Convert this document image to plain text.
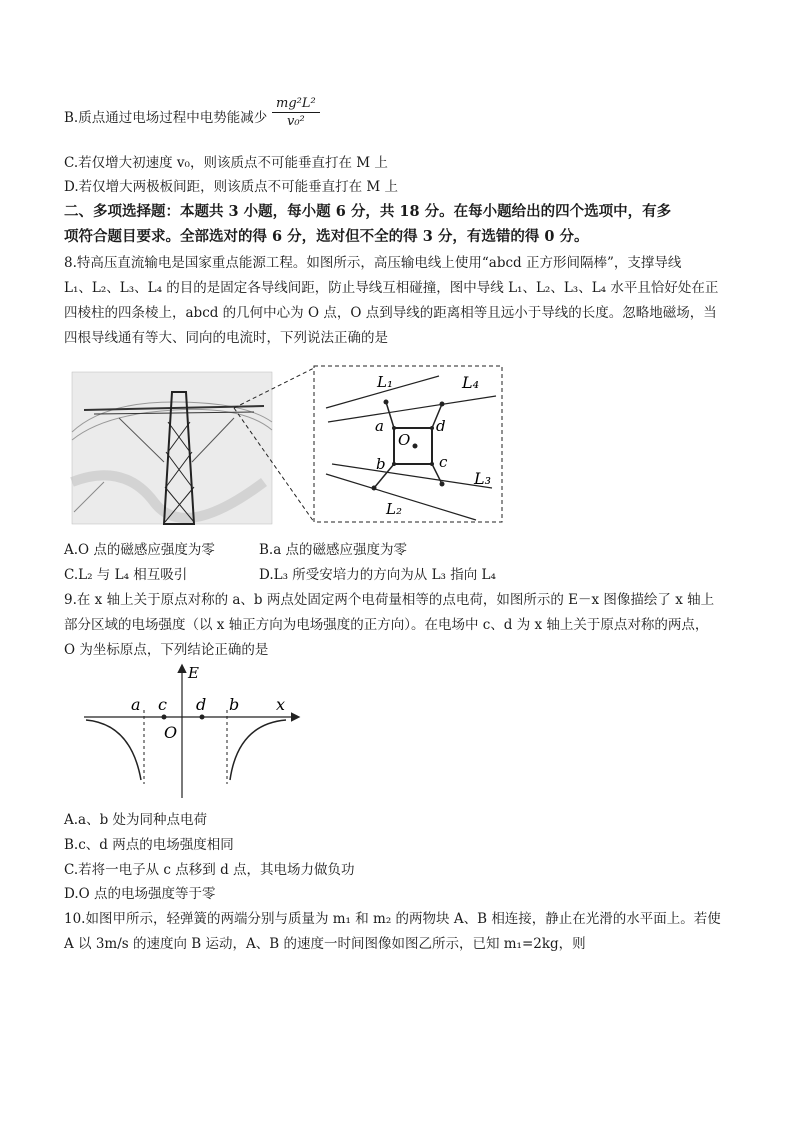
B.质点通过电场过程中电势能减少
mg²L²
v₀²
C.若仅增大初速度 v₀，则该质点不可能垂直打在 M 上
D.若仅增大两极板间距，则该质点不可能垂直打在 M 上
二、多项选择题：本题共 3 小题，每小题 6 分，共 18 分。在每小题给出的四个选项中，有多
项符合题目要求。全部选对的得 6 分，选对但不全的得 3 分，有选错的得 0 分。
8.特高压直流输电是国家重点能源工程。如图所示，高压输电线上使用“abcd 正方形间隔棒”，支撑导线
L₁、L₂、L₃、L₄ 的目的是固定各导线间距，防止导线互相碰撞，图中导线 L₁、L₂、L₃、L₄ 水平且恰好处在正
四棱柱的四条棱上，abcd 的几何中心为 O 点，O 点到导线的距离相等且远小于导线的长度。忽略地磁场，当
四根导线通有等大、同向的电流时，下列说法正确的是
L₁	L₄
L₃
L₂
a	d
b	c
O
A.O 点的磁感应强度为零	B.a 点的磁感应强度为零
C.L₂ 与 L₄ 相互吸引	D.L₃ 所受安培力的方向为从 L₃ 指向 L₄
9.在 x 轴上关于原点对称的 a、b 两点处固定两个电荷量相等的点电荷，如图所示的 E－x 图像描绘了 x 轴上
部分区域的电场强度（以 x 轴正方向为电场强度的正方向）。在电场中 c、d 为 x 轴上关于原点对称的两点，
O 为坐标原点，下列结论正确的是
E
x
a c
O
d b
A.a、b 处为同种点电荷
B.c、d 两点的电场强度相同
C.若将一电子从 c 点移到 d 点，其电场力做负功
D.O 点的电场强度等于零
10.如图甲所示，轻弹簧的两端分别与质量为 m₁ 和 m₂ 的两物块 A、B 相连接，静止在光滑的水平面上。若使
A 以 3m/s 的速度向 B 运动，A、B 的速度一时间图像如图乙所示，已知 m₁=2kg，则
